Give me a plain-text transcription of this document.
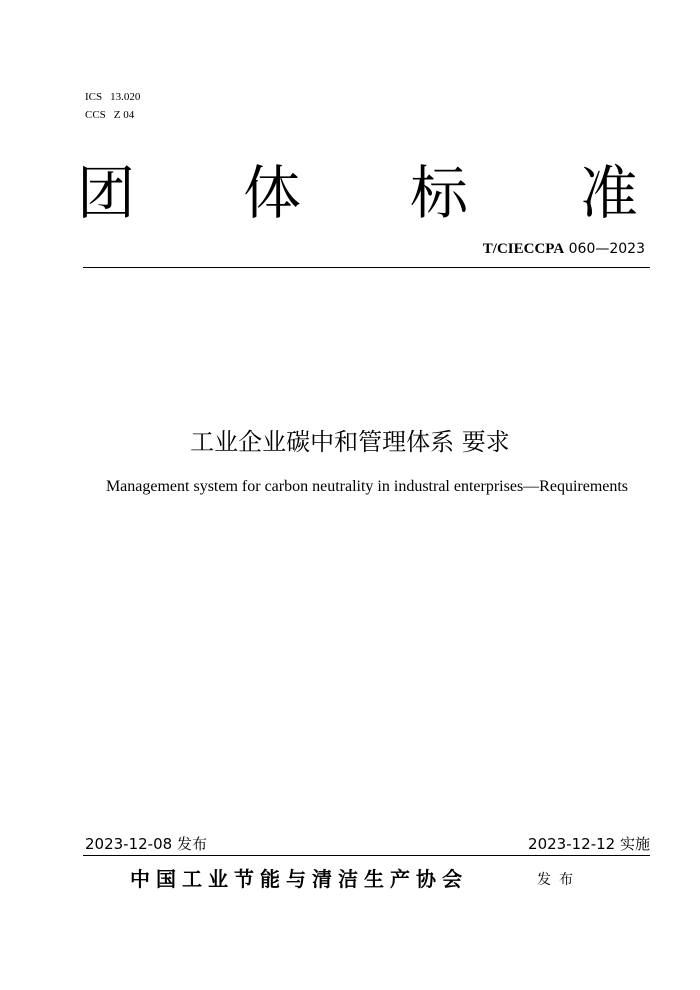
ICS 13.020
CCS Z 04
团 体 标 准
T/CIECCPA 060—2023
工业企业碳中和管理体系 要求
Management system for carbon neutrality in industral enterprises—Requirements
2023-12-08 发布	2023-12-12 实施
中国工业节能与清洁生产协会	发布
